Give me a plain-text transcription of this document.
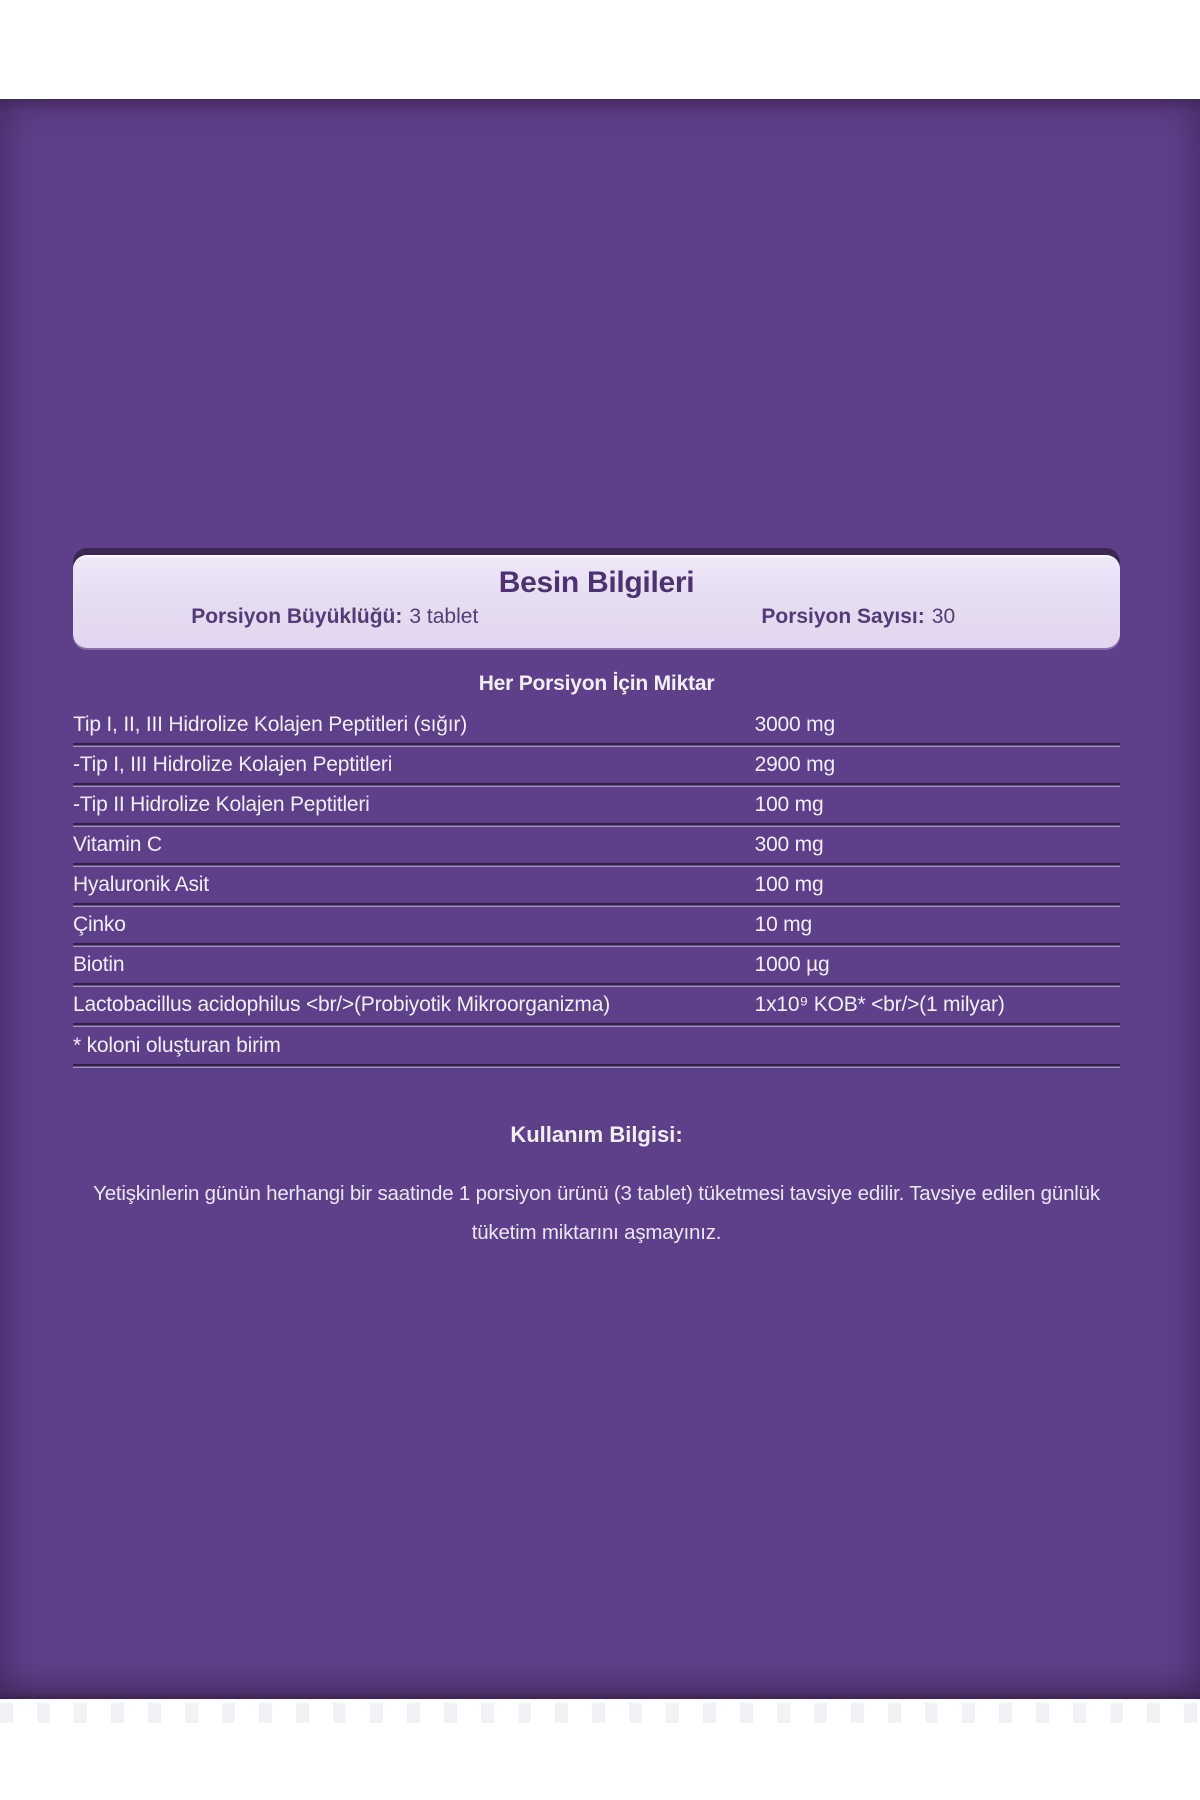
Besin Bilgileri
Porsiyon Büyüklüğü: 3 tablet	Porsiyon Sayısı: 30
Her Porsiyon İçin Miktar
Tip I, II, III Hidrolize Kolajen Peptitleri (sığır)	3000 mg
-Tip I, III Hidrolize Kolajen Peptitleri	2900 mg
-Tip II Hidrolize Kolajen Peptitleri	100 mg
Vitamin C	300 mg
Hyaluronik Asit	100 mg
Çinko	10 mg
Biotin	1000 µg
Lactobacillus acidophilus <br/>(Probiyotik Mikroorganizma)	1x10⁹ KOB* <br/>(1 milyar)
* koloni oluşturan birim
Kullanım Bilgisi:
Yetişkinlerin günün herhangi bir saatinde 1 porsiyon ürünü (3 tablet) tüketmesi tavsiye edilir. Tavsiye edilen günlük tüketim miktarını aşmayınız.
